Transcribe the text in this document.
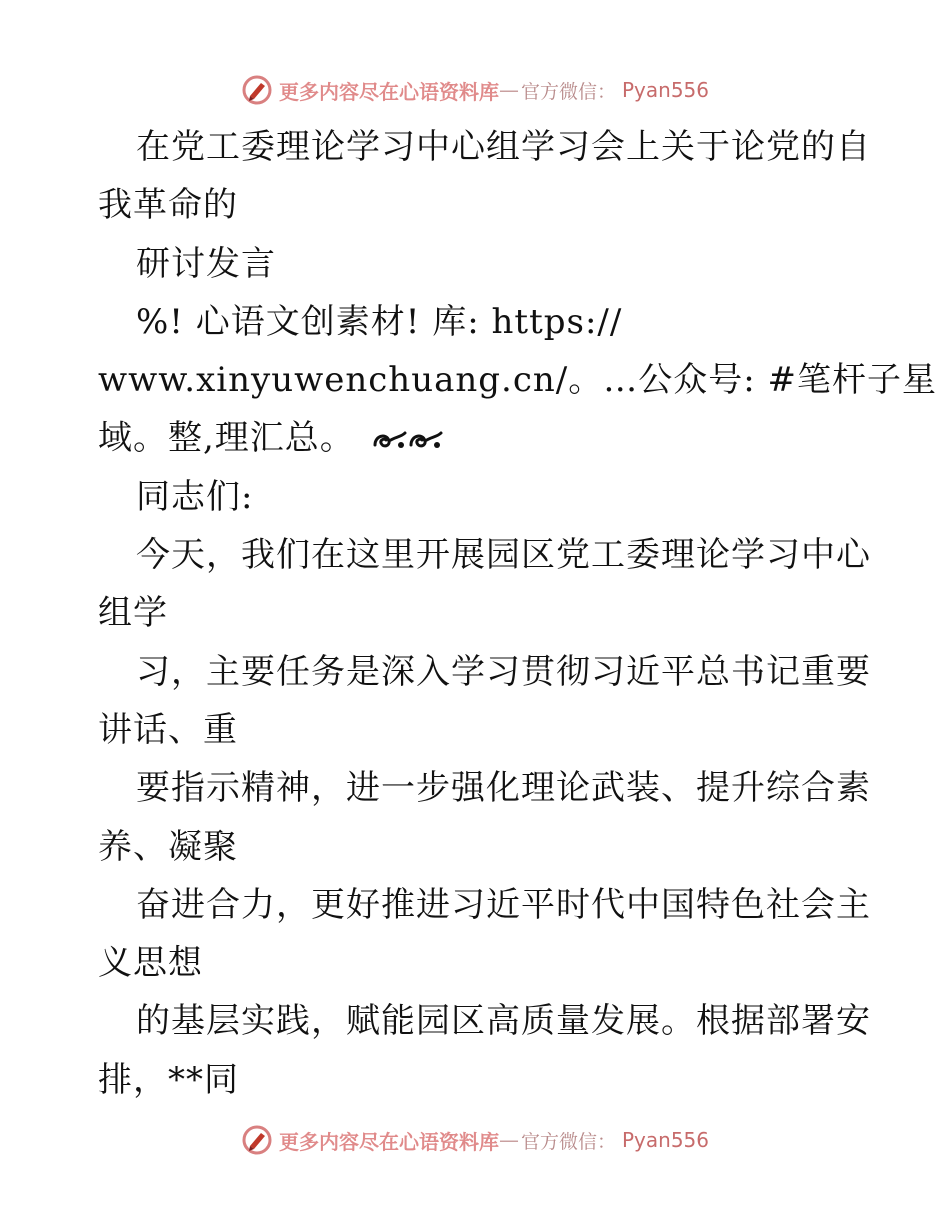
更多内容尽在心语资料库 — 官方微信： Pyan556
在党工委理论学习中心组学习会上关于论党的自
我革命的
研讨发言
%! 心语文创素材! 库: https://
www.xinyuwenchuang.cn/。…公众号: #笔杆子星
域。整,理汇总。
同志们:
今天，我们在这里开展园区党工委理论学习中心
组学
习，主要任务是深入学习贯彻习近平总书记重要
讲话、重
要指示精神，进一步强化理论武装、提升综合素
养、凝聚
奋进合力，更好推进习近平时代中国特色社会主
义思想
的基层实践，赋能园区高质量发展。根据部署安
排，**同
更多内容尽在心语资料库 — 官方微信： Pyan556
